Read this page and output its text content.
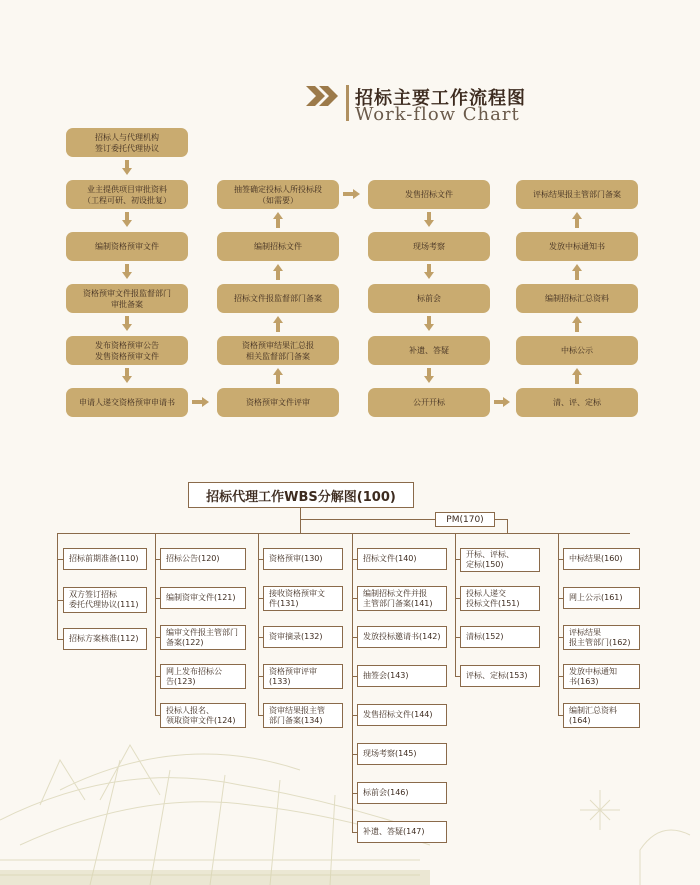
招标主要工作流程图
Work-flow Chart
招标人与代理机构
签订委托代理协议
业主提供项目审批资料
（工程可研、初设批复）
编制资格预审文件
资格预审文件报监督部门
审批备案
发布资格预审公告
发售资格预审文件
申请人递交资格预审申请书
抽签确定投标人所投标段
（如需要）
编制招标文件
招标文件报监督部门备案
资格预审结果汇总报
相关监督部门备案
资格预审文件评审
发售招标文件
现场考察
标前会
补遗、答疑
公开开标
评标结果报主管部门备案
发放中标通知书
编制招标汇总资料
中标公示
清、评、定标
招标代理工作WBS分解图(100)
PM(170)
招标前期准备(110)
双方签订招标
委托代理协议(111)
招标方案核准(112)
招标公告(120)
编制资审文件(121)
编审文件报主管部门
备案(122)
网上发布招标公
告(123)
投标人报名、
领取资审文件(124)
资格预审(130)
接收资格预审文
件(131)
资审摘录(132)
资格预审评审
(133)
资审结果报主管
部门备案(134)
招标文件(140)
编制招标文件并报
主管部门备案(141)
发放投标邀请书(142)
抽签会(143)
发售招标文件(144)
现场考察(145)
标前会(146)
补遗、答疑(147)
开标、评标、
定标(150)
投标人递交
投标文件(151)
清标(152)
评标、定标(153)
中标结果(160)
网上公示(161)
评标结果
报主管部门(162)
发放中标通知
书(163)
编制汇总资料
(164)
